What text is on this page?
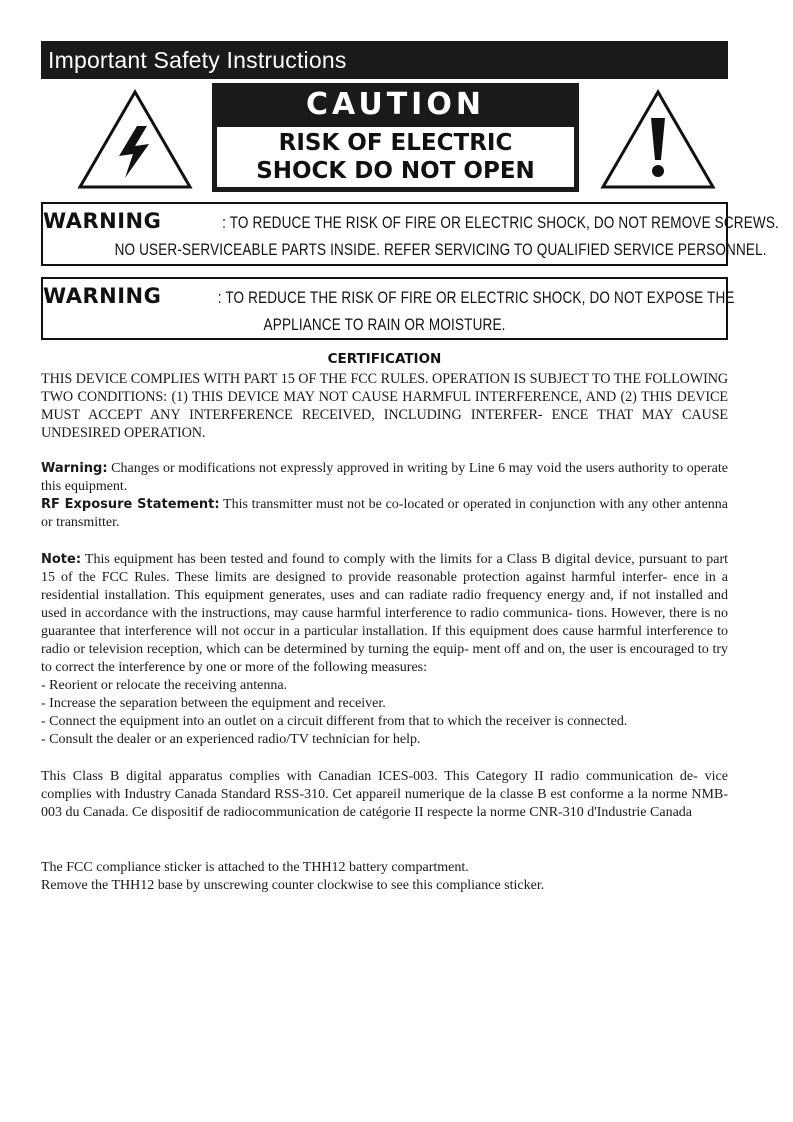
Important Safety Instructions
CAUTION
RISK OF ELECTRIC
SHOCK DO NOT OPEN
WARNING	: TO REDUCE THE RISK OF FIRE OR ELECTRIC SHOCK, DO NOT REMOVE SCREWS.
NO USER-SERVICEABLE PARTS INSIDE. REFER SERVICING TO QUALIFIED SERVICE PERSONNEL.
WARNING	: TO REDUCE THE RISK OF FIRE OR ELECTRIC SHOCK, DO NOT EXPOSE THE
APPLIANCE TO RAIN OR MOISTURE.
CERTIFICATION

THIS DEVICE COMPLIES WITH PART 15 OF THE FCC RULES. OPERATION IS SUBJECT TO THE FOLLOWING TWO CONDITIONS: (1) THIS DEVICE MAY NOT CAUSE HARMFUL INTERFERENCE, AND (2) THIS DEVICE MUST ACCEPT ANY INTERFERENCE RECEIVED, INCLUDING INTERFER- ENCE THAT MAY CAUSE UNDESIRED OPERATION.

Warning: Changes or modifications not expressly approved in writing by Line 6 may void the users authority to operate this equipment.

RF Exposure Statement: This transmitter must not be co-located or operated in conjunction with any other antenna or transmitter.

Note: This equipment has been tested and found to comply with the limits for a Class B digital device, pursuant to part 15 of the FCC Rules. These limits are designed to provide reasonable protection against harmful interfer- ence in a residential installation. This equipment generates, uses and can radiate radio frequency energy and, if not installed and used in accordance with the instructions, may cause harmful interference to radio communica- tions. However, there is no guarantee that interference will not occur in a particular installation. If this equipment does cause harmful interference to radio or television reception, which can be determined by turning the equip- ment off and on, the user is encouraged to try to correct the interference by one or more of the following measures:

- Reorient or relocate the receiving antenna.
- Increase the separation between the equipment and receiver.
- Connect the equipment into an outlet on a circuit different from that to which the receiver is connected.
- Consult the dealer or an experienced radio/TV technician for help.

This Class B digital apparatus complies with Canadian ICES-003. This Category II radio communication de- vice complies with Industry Canada Standard RSS-310. Cet appareil numerique de la classe B est conforme a la norme NMB-003 du Canada. Ce dispositif de radiocommunication de catégorie II respecte la norme CNR-310 d'Industrie Canada

The FCC compliance sticker is attached to the THH12 battery compartment.
Remove the THH12 base by unscrewing counter clockwise to see this compliance sticker.
